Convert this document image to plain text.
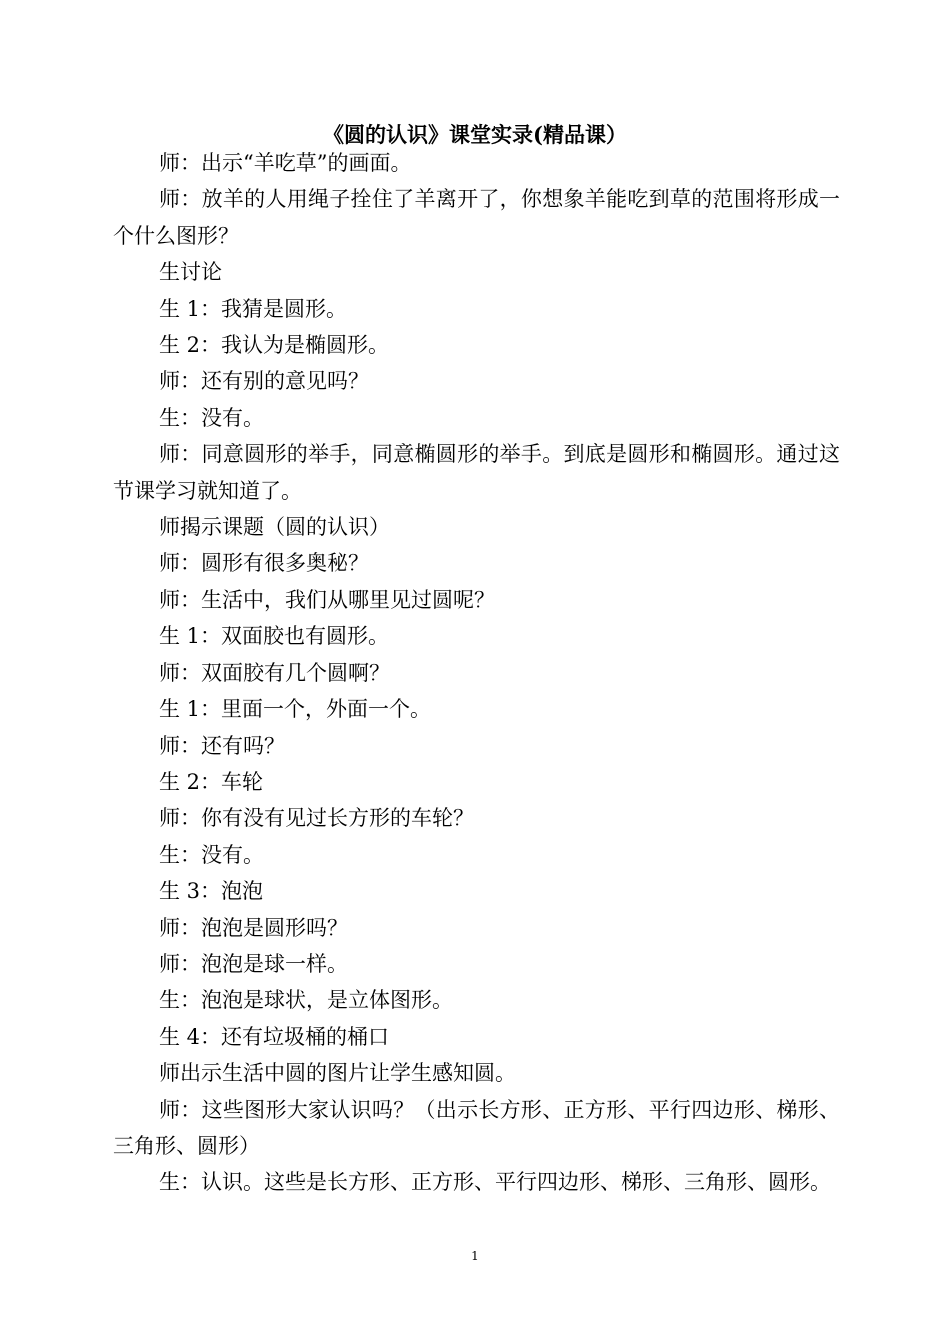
《圆的认识》课堂实录(精品课）

师：出示“羊吃草”的画面。

师：放羊的人用绳子拴住了羊离开了，你想象羊能吃到草的范围将形成一个什么图形？

生讨论

生 1：我猜是圆形。

生 2：我认为是椭圆形。

师：还有别的意见吗？

生：没有。

师：同意圆形的举手，同意椭圆形的举手。到底是圆形和椭圆形。通过这节课学习就知道了。

师揭示课题（圆的认识）

师：圆形有很多奥秘？

师：生活中，我们从哪里见过圆呢？

生 1：双面胶也有圆形。

师：双面胶有几个圆啊？

生 1：里面一个，外面一个。

师：还有吗？

生 2：车轮

师：你有没有见过长方形的车轮？

生：没有。

生 3：泡泡

师：泡泡是圆形吗？

师：泡泡是球一样。

生：泡泡是球状，是立体图形。

生 4：还有垃圾桶的桶口

师出示生活中圆的图片让学生感知圆。

师：这些图形大家认识吗？（出示长方形、正方形、平行四边形、梯形、三角形、圆形）

生：认识。这些是长方形、正方形、平行四边形、梯形、三角形、圆形。

1
